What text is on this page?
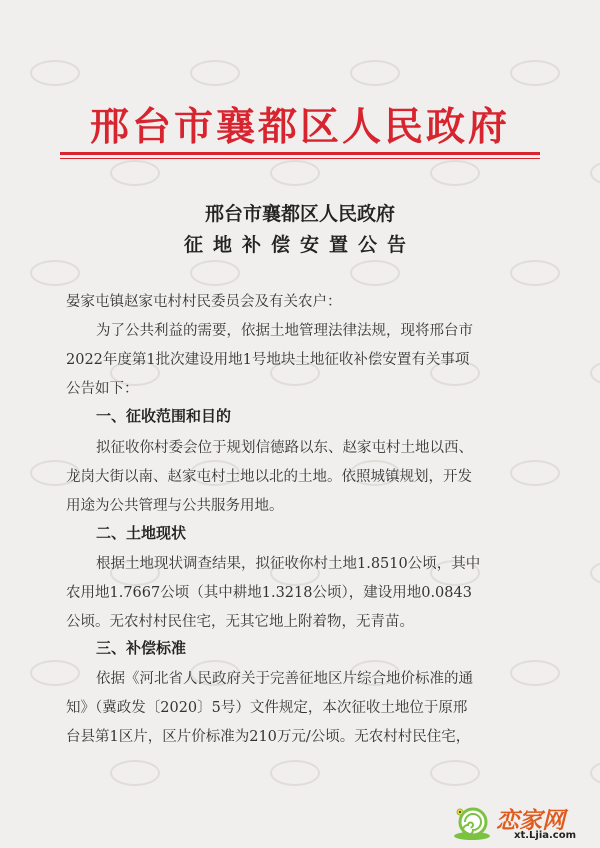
邢台市襄都区人民政府
邢台市襄都区人民政府
征地补偿安置公告
晏家屯镇赵家屯村村民委员会及有关农户：
为了公共利益的需要，依据土地管理法律法规，现将邢台市
2022年度第1批次建设用地1号地块土地征收补偿安置有关事项
公告如下：
一、征收范围和目的
拟征收你村委会位于规划信德路以东、赵家屯村土地以西、
龙岗大街以南、赵家屯村土地以北的土地。依照城镇规划，开发
用途为公共管理与公共服务用地。
二、土地现状
根据土地现状调查结果，拟征收你村土地1.8510公顷，其中
农用地1.7667公顷（其中耕地1.3218公顷），建设用地0.0843
公顷。无农村村民住宅，无其它地上附着物，无青苗。
三、补偿标准
依据《河北省人民政府关于完善征地区片综合地价标准的通
知》（冀政发〔2020〕5号）文件规定，本次征收土地位于原邢
台县第1区片，区片价标准为210万元/公顷。无农村村民住宅，
恋家网
xt.Ljia.com
